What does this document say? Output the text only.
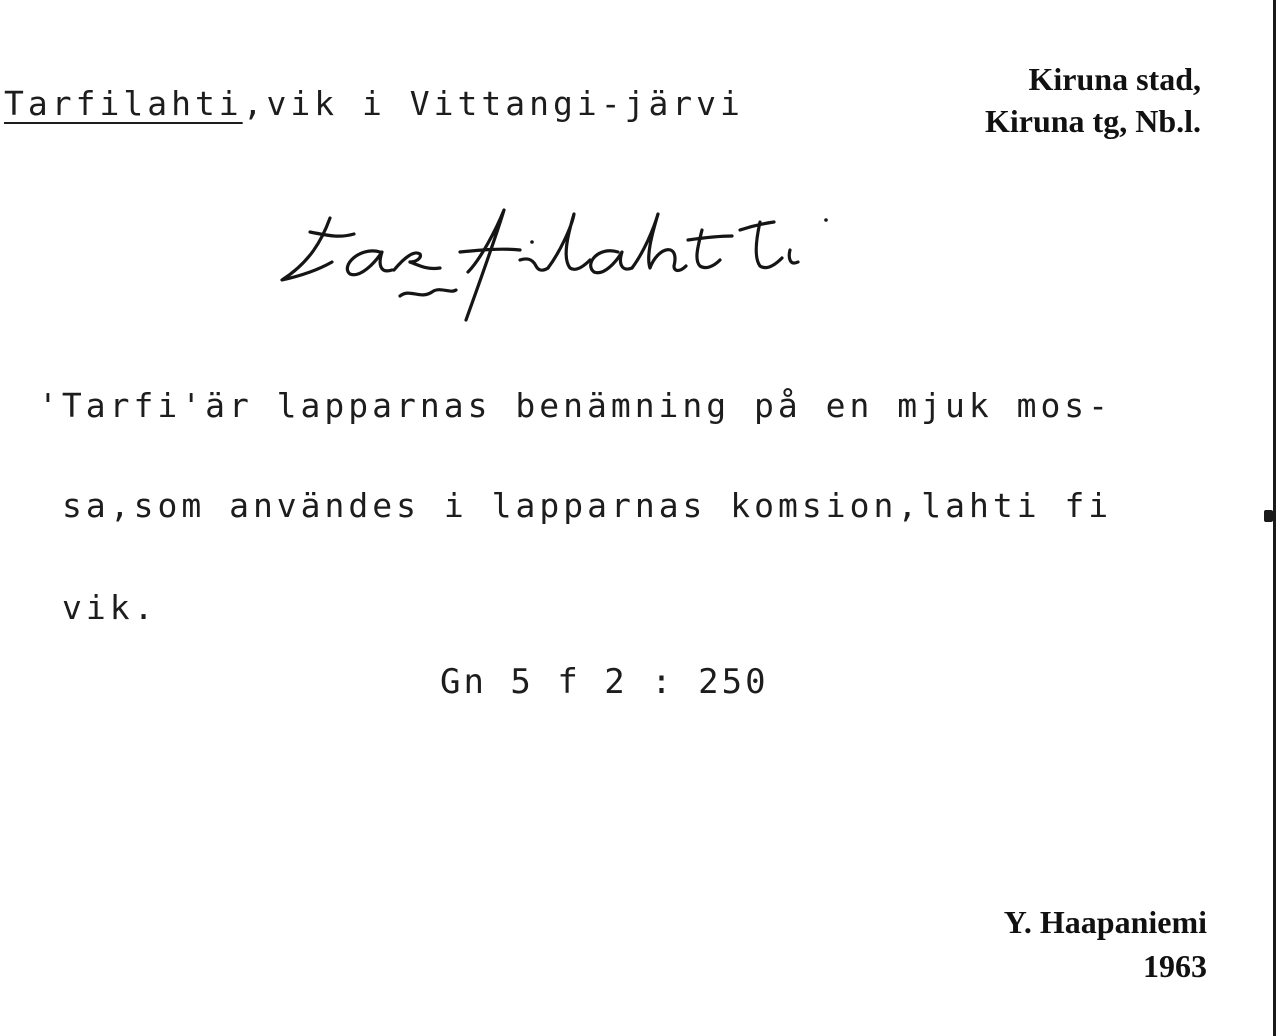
Tarfilahti,vik i Vittangi-järvi
Kiruna stad,
Kiruna tg, Nb.l.
'Tarfi'är lapparnas benämning på en mjuk mos-
sa,som användes i lapparnas komsion,lahti fi
vik.
Gn 5 f 2 : 250
Y. Haapaniemi
1963
